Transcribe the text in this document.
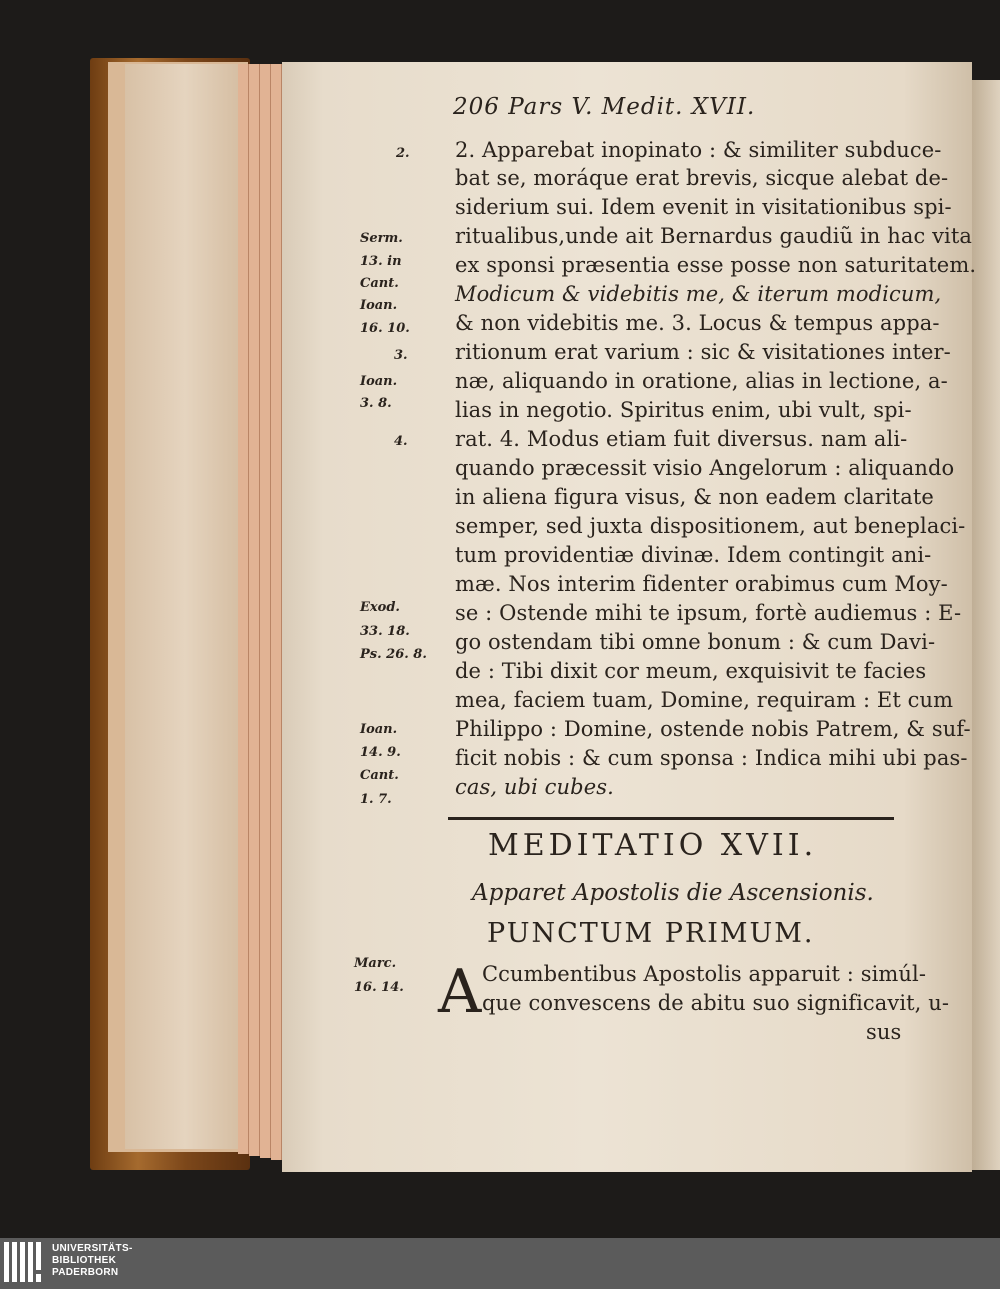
206 Pars V. Medit. XVII.
2. Apparebat inopinato : & similiter subduce-
bat se, moráque erat brevis, sicque alebat de-
siderium sui. Idem evenit in visitationibus spi-
ritualibus,unde ait Bernardus gaudiũ in hac vita
ex sponsi præsentia esse posse non saturitatem.
Modicum & videbitis me, & iterum modicum,
& non videbitis me. 3. Locus & tempus appa-
ritionum erat varium : sic & visitationes inter-
næ, aliquando in oratione, alias in lectione, a-
lias in negotio. Spiritus enim, ubi vult, spi-
rat. 4. Modus etiam fuit diversus. nam ali-
quando præcessit visio Angelorum : aliquando
in aliena figura visus, & non eadem claritate
semper, sed juxta dispositionem, aut beneplaci-
tum providentiæ divinæ. Idem contingit ani-
mæ. Nos interim fidenter orabimus cum Moy-
se : Ostende mihi te ipsum, fortè audiemus : E-
go ostendam tibi omne bonum : & cum Davi-
de : Tibi dixit cor meum, exquisivit te facies
mea, faciem tuam, Domine, requiram : Et cum
Philippo : Domine, ostende nobis Patrem, & suf-
ficit nobis : & cum sponsa : Indica mihi ubi pas-
cas, ubi cubes.
2.
Serm.
13. in
Cant.
Ioan.
16. 10.
3.
Ioan.
3. 8.
4.
Exod.
33. 18.
Ps. 26. 8.
Ioan.
14. 9.
Cant.
1. 7.
MEDITATIO XVII.
Apparet Apostolis die Ascensionis.
PUNCTUM PRIMUM.
Marc.
16. 14. A Ccumbentibus Apostolis apparuit : simúl-
que convescens de abitu suo significavit, u-
sus
UNIVERSITÄTS-
BIBLIOTHEK
PADERBORN
